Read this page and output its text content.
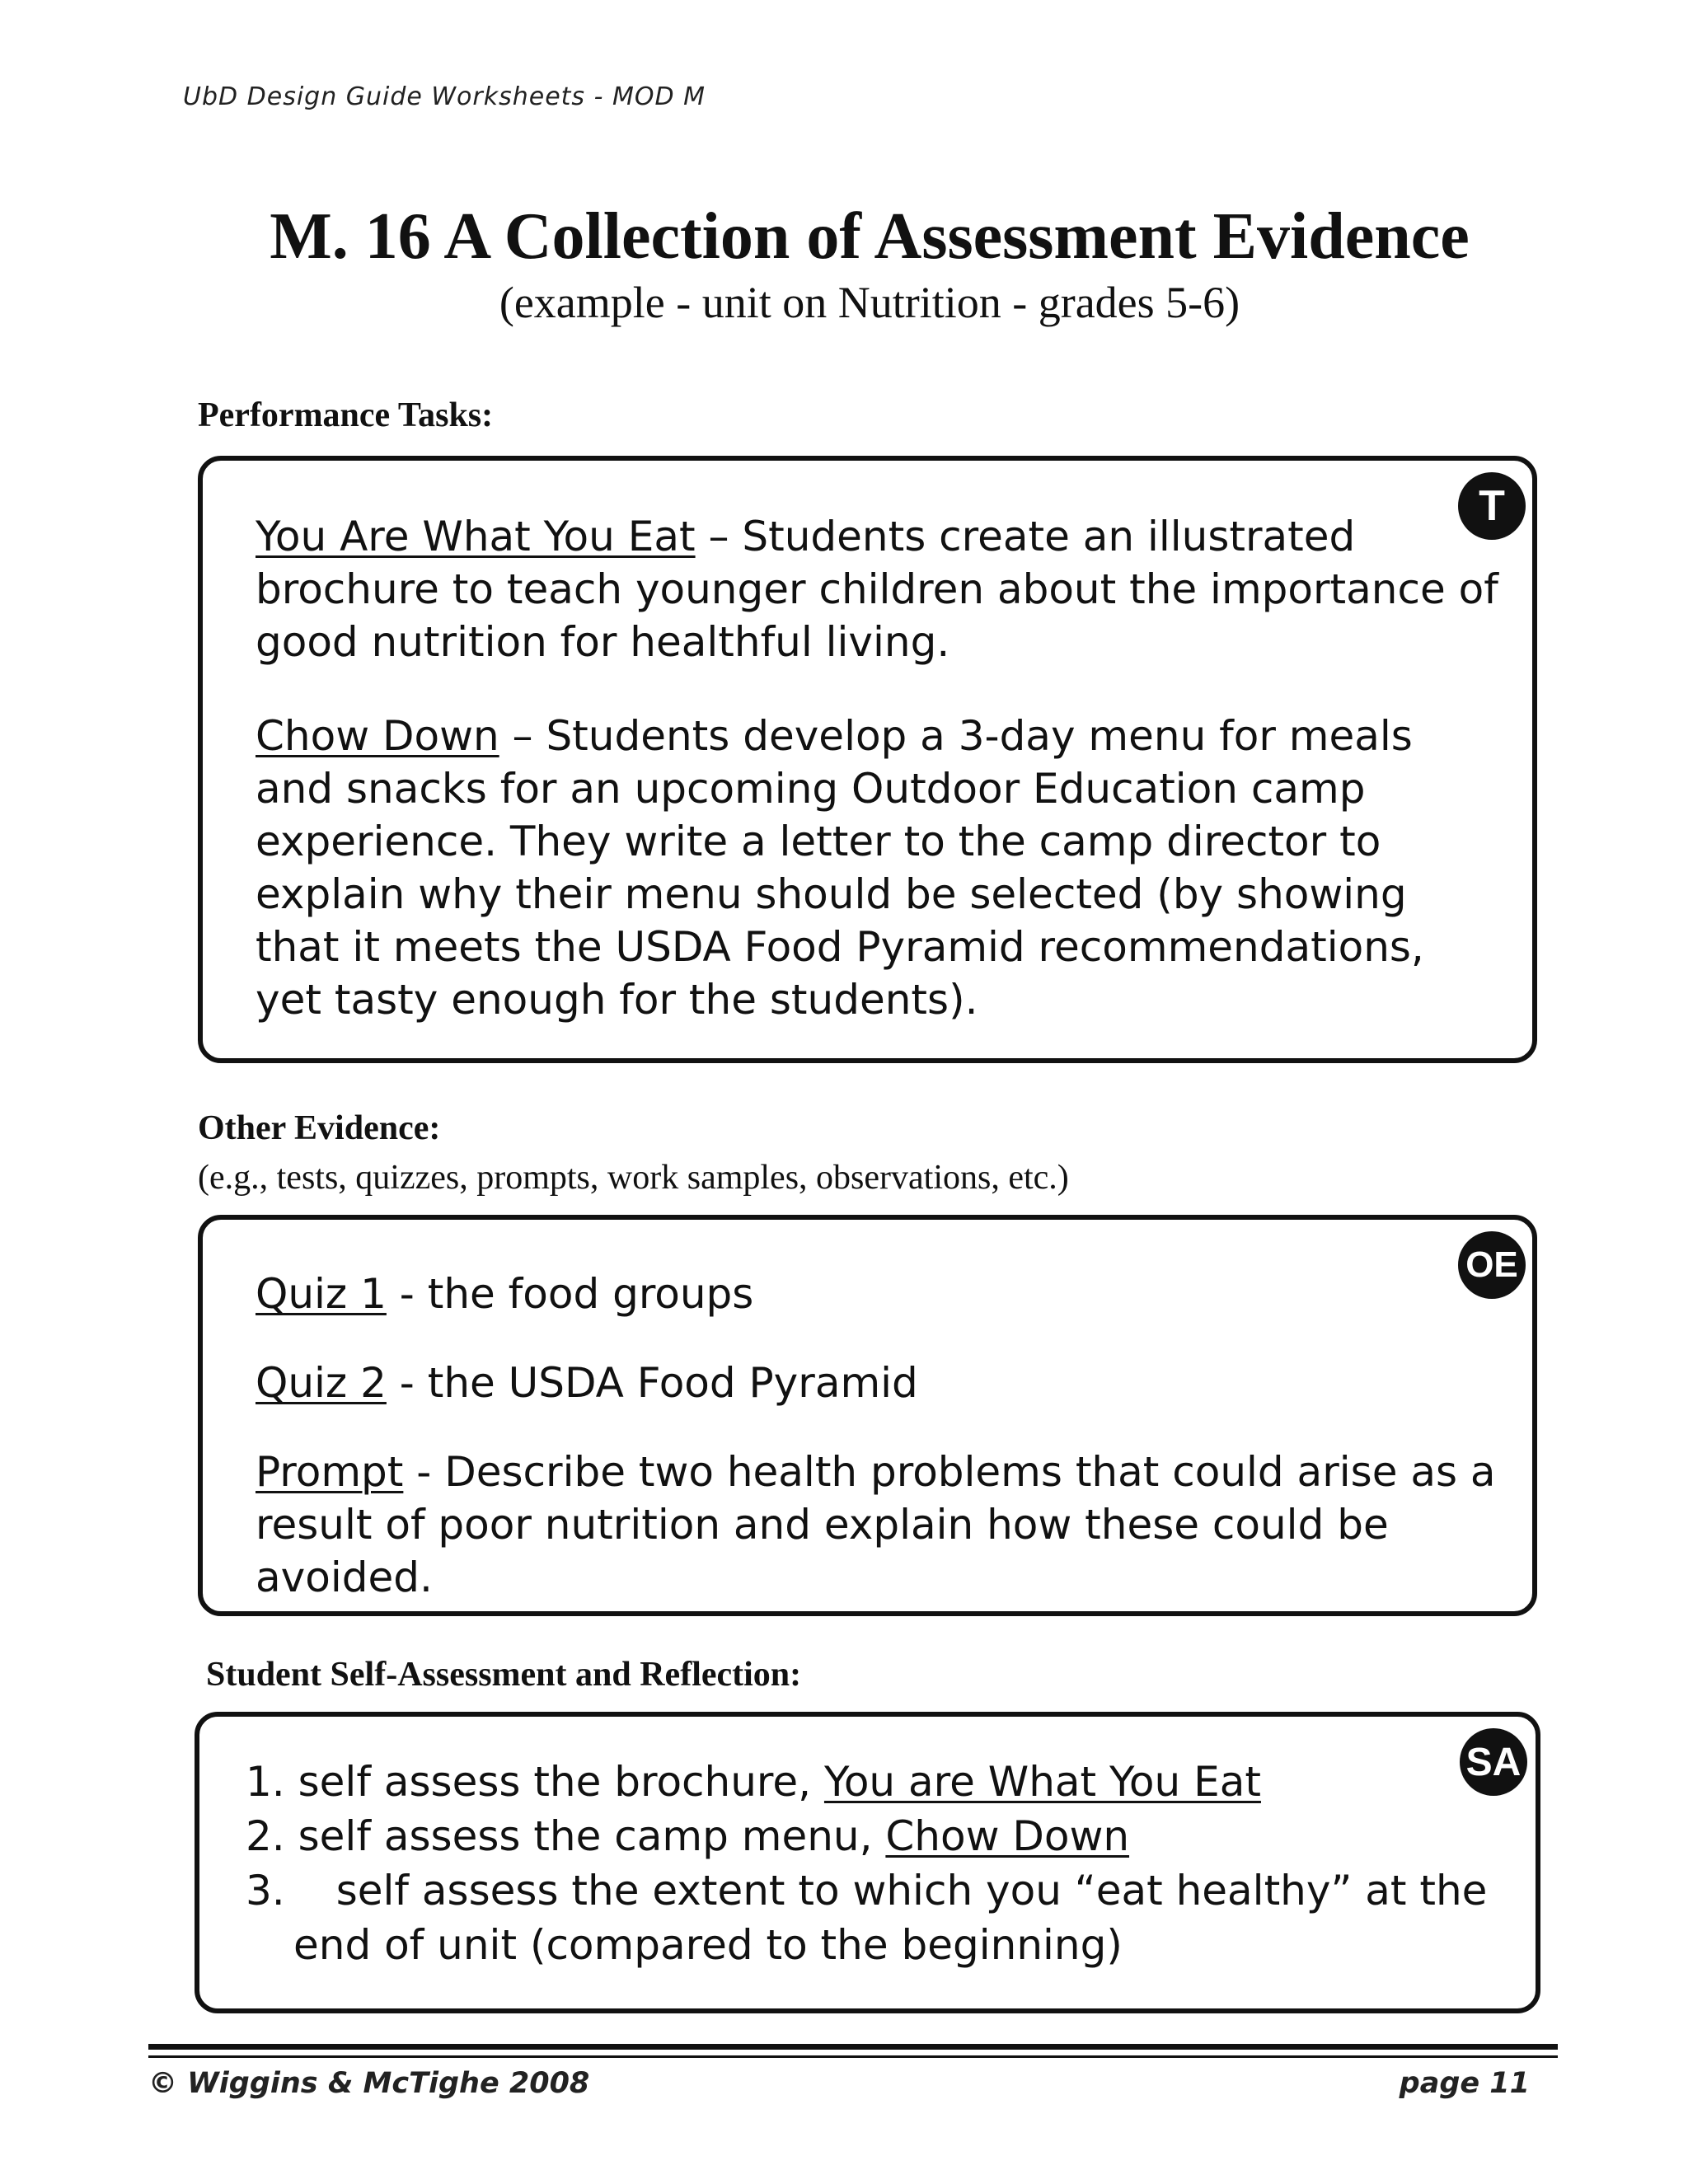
UbD Design Guide Worksheets - MOD M
M. 16 A Collection of Assessment Evidence
(example - unit on Nutrition - grades 5-6)
Performance Tasks:
T

You Are What You Eat – Students create an illustrated brochure to teach younger children about the importance of good nutrition for healthful living.

Chow Down – Students develop a 3-day menu for meals and snacks for an upcoming Outdoor Education camp experience. They write a letter to the camp director to explain why their menu should be selected (by showing that it meets the USDA Food Pyramid recommendations, yet tasty enough for the students).

Other Evidence:
(e.g., tests, quizzes, prompts, work samples, observations, etc.)
OE

Quiz 1 - the food groups

Quiz 2 - the USDA Food Pyramid

Prompt - Describe two health problems that could arise as a result of poor nutrition and explain how these could be avoided.

Student Self-Assessment and Reflection:
SA
1. self assess the brochure, You are What You Eat
2. self assess the camp menu, Chow Down
3. self assess the extent to which you “eat healthy” at the
end of unit (compared to the beginning)
© Wiggins & McTighe 2008	page 11
